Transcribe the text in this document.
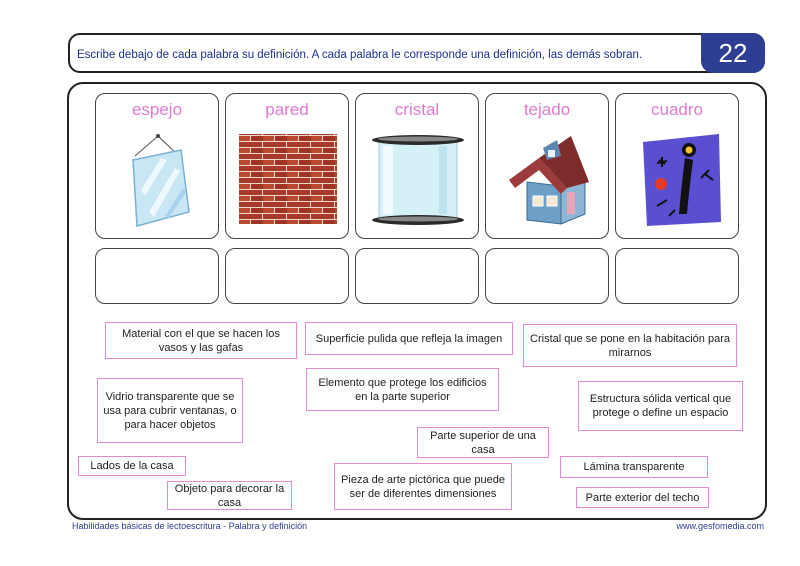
Escribe debajo de cada palabra su definición. A cada palabra le corresponde una definición, las demás sobran.	22
espejo	pared	cristal	tejado	cuadro
Material con el que se hacen los vasos y las gafas
Superficie pulida que refleja la imagen	Cristal que se pone en la habitación para mirarnos
Vidrio transparente que se usa para cubrir ventanas, o para hacer objetos
Elemento que protege los edificios en la parte superior	Estructura sólida vertical que protege o define un espacio
Parte superior de una casa
Lados de la casa	Lámina transparente
Pieza de arte pictórica que puede ser de diferentes dimensiones
Objeto para decorar la casa	Parte exterior del techo
Habilidades básicas de lectoescritura - Palabra y definición	www.gesfomedia.com
